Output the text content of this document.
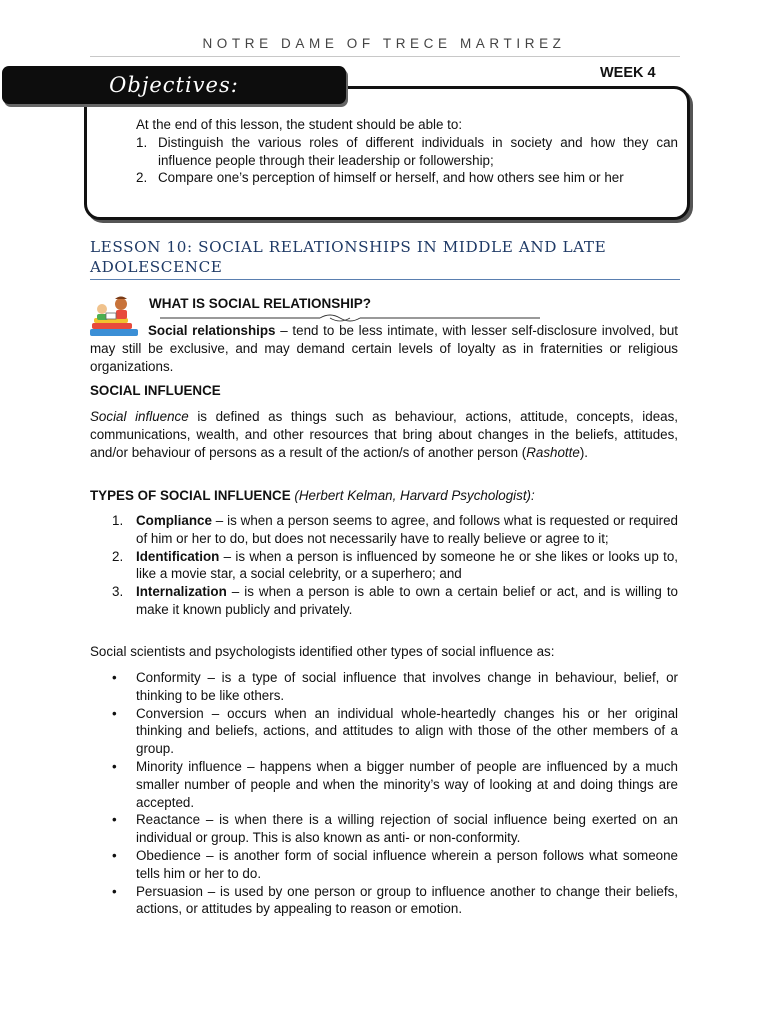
NOTRE DAME OF TRECE MARTIREZ
Objectives:	WEEK 4
At the end of this lesson, the student should be able to:
1. Distinguish the various roles of different individuals in society and how they can influence people through their leadership or followership;
2. Compare one’s perception of himself or herself, and how others see him or her
LESSON 10: SOCIAL RELATIONSHIPS IN MIDDLE AND LATE ADOLESCENCE
WHAT IS SOCIAL RELATIONSHIP?
Social relationships – tend to be less intimate, with lesser self-disclosure involved, but may still be exclusive, and may demand certain levels of loyalty as in fraternities or religious organizations.
SOCIAL INFLUENCE
Social influence is defined as things such as behaviour, actions, attitude, concepts, ideas, communications, wealth, and other resources that bring about changes in the beliefs, attitudes, and/or behaviour of persons as a result of the action/s of another person (Rashotte).
TYPES OF SOCIAL INFLUENCE (Herbert Kelman, Harvard Psychologist):
1. Compliance – is when a person seems to agree, and follows what is requested or required of him or her to do, but does not necessarily have to really believe or agree to it;
2. Identification – is when a person is influenced by someone he or she likes or looks up to, like a movie star, a social celebrity, or a superhero; and
3. Internalization – is when a person is able to own a certain belief or act, and is willing to make it known publicly and privately.
Social scientists and psychologists identified other types of social influence as:
• Conformity – is a type of social influence that involves change in behaviour, belief, or thinking to be like others.
• Conversion – occurs when an individual whole-heartedly changes his or her original thinking and beliefs, actions, and attitudes to align with those of the other members of a group.
• Minority influence – happens when a bigger number of people are influenced by a much smaller number of people and when the minority’s way of looking at and doing things are accepted.
• Reactance – is when there is a willing rejection of social influence being exerted on an individual or group. This is also known as anti- or non-conformity.
• Obedience – is another form of social influence wherein a person follows what someone tells him or her to do.
• Persuasion – is used by one person or group to influence another to change their beliefs, actions, or attitudes by appealing to reason or emotion.
